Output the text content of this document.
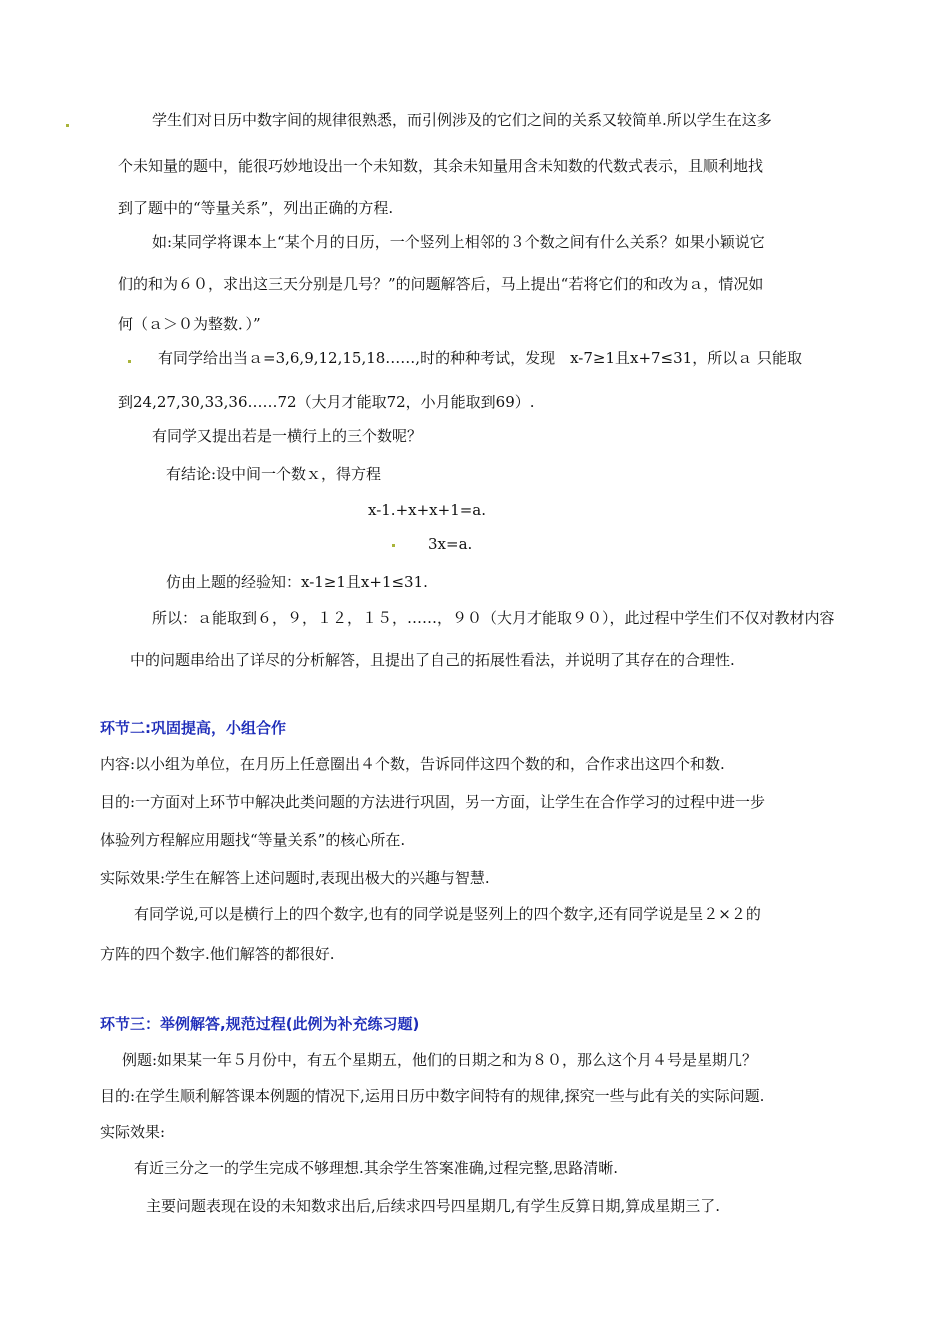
学生们对日历中数字间的规律很熟悉，而引例涉及的它们之间的关系又较简单.所以学生在这多
个未知量的题中，能很巧妙地设出一个未知数，其余未知量用含未知数的代数式表示，且顺利地找
到了题中的“等量关系”，列出正确的方程.
如:某同学将课本上“某个月的日历，一个竖列上相邻的３个数之间有什么关系？如果小颖说它
们的和为６０，求出这三天分别是几号？”的问题解答后，马上提出“若将它们的和改为ａ，情况如
何（ａ＞０为整数．）”
有同学给出当ａ=3,6,9,12,15,18……,时的种种考试，发现　x-7≥1且x+7≤31，所以ａ 只能取
到24,27,30,33,36……72（大月才能取72，小月能取到69）.
有同学又提出若是一横行上的三个数呢？
有结论:设中间一个数ｘ，得方程
x-1.+x+x+1=a.
3x=a.
仿由上题的经验知：x-1≥1且x+1≤31.
所以：ａ能取到６，９，１２，１５，……，９０（大月才能取９０），此过程中学生们不仅对教材内容
中的问题串给出了详尽的分析解答，且提出了自己的拓展性看法，并说明了其存在的合理性.
环节二:巩固提高，小组合作
内容:以小组为单位，在月历上任意圈出４个数，告诉同伴这四个数的和，合作求出这四个和数.
目的:一方面对上环节中解决此类问题的方法进行巩固，另一方面，让学生在合作学习的过程中进一步
体验列方程解应用题找“等量关系”的核心所在.
实际效果:学生在解答上述问题时,表现出极大的兴趣与智慧.
有同学说,可以是横行上的四个数字,也有的同学说是竖列上的四个数字,还有同学说是呈２×２的
方阵的四个数字.他们解答的都很好.
环节三：举例解答,规范过程(此例为补充练习题)
例题:如果某一年５月份中，有五个星期五，他们的日期之和为８０，那么这个月４号是星期几？
目的:在学生顺利解答课本例题的情况下,运用日历中数字间特有的规律,探究一些与此有关的实际问题.
实际效果:
有近三分之一的学生完成不够理想.其余学生答案准确,过程完整,思路清晰.
主要问题表现在设的未知数求出后,后续求四号四星期几,有学生反算日期,算成星期三了.
